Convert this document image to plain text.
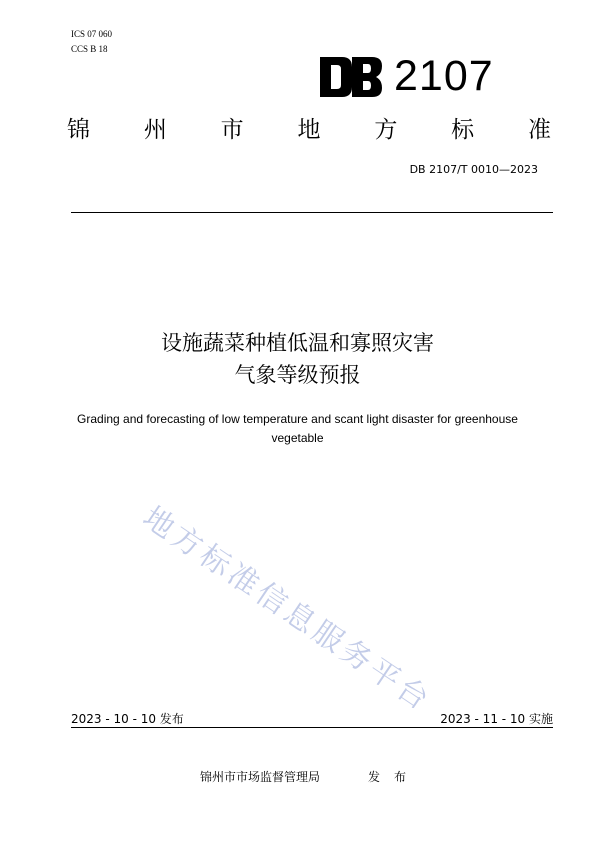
ICS 07 060
CCS B 18
2107
锦 州 市 地 方 标 准
DB 2107/T 0010—2023
设施蔬菜种植低温和寡照灾害
气象等级预报
Grading and forecasting of low temperature and scant light disaster for greenhouse vegetable
地方标准信息服务平台
2023 - 10 - 10 发布	2023 - 11 - 10 实施
锦州市市场监督管理局	发布
